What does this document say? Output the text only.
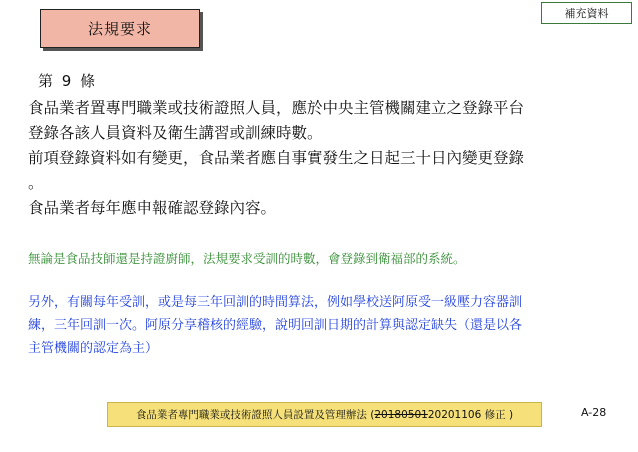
法規要求
補充資料
第 9 條
食品業者置專門職業或技術證照人員，應於中央主管機關建立之登錄平台
登錄各該人員資料及衛生講習或訓練時數。
前項登錄資料如有變更，食品業者應自事實發生之日起三十日內變更登錄
。
食品業者每年應申報確認登錄內容。
無論是食品技師還是持證廚師，法規要求受訓的時數，會登錄到衛福部的系統。
另外，有關每年受訓，或是每三年回訓的時間算法，例如學校送阿原受一級壓力容器訓
練，三年回訓一次。阿原分享稽核的經驗，說明回訓日期的計算與認定缺失（還是以各
主管機關的認定為主）
食品業者專門職業或技術證照人員設置及管理辦法 ( 20180501 20201106 修正 )	A-28
